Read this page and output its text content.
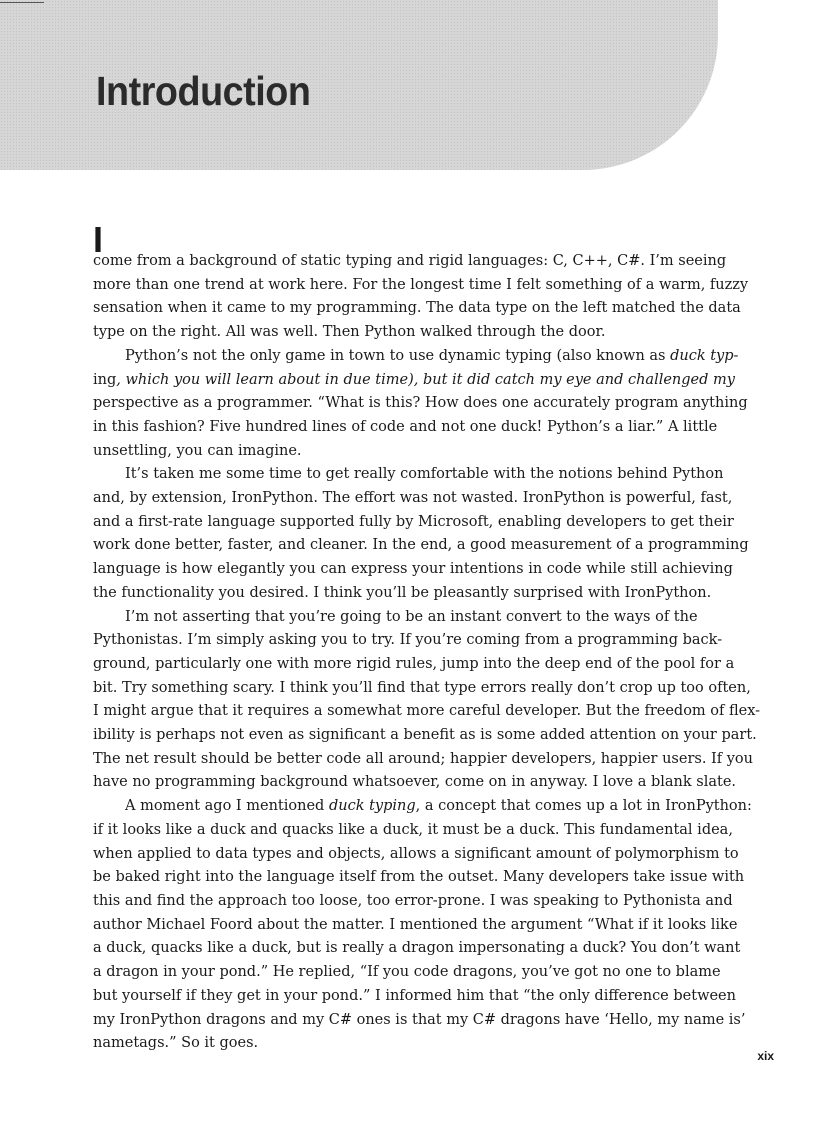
Introduction

I
come from a background of static typing and rigid languages: C, C++, C#. I’m seeing
more than one trend at work here. For the longest time I felt something of a warm, fuzzy
sensation when it came to my programming. The data type on the left matched the data
type on the right. All was well. Then Python walked through the door.

Python’s not the only game in town to use dynamic typing (also known as duck typ-
ing, which you will learn about in due time), but it did catch my eye and challenged my
perspective as a programmer. “What is this? How does one accurately program anything
in this fashion? Five hundred lines of code and not one duck! Python’s a liar.” A little
unsettling, you can imagine.

It’s taken me some time to get really comfortable with the notions behind Python
and, by extension, IronPython. The effort was not wasted. IronPython is powerful, fast,
and a first-rate language supported fully by Microsoft, enabling developers to get their
work done better, faster, and cleaner. In the end, a good measurement of a programming
language is how elegantly you can express your intentions in code while still achieving
the functionality you desired. I think you’ll be pleasantly surprised with IronPython.

I’m not asserting that you’re going to be an instant convert to the ways of the
Pythonistas. I’m simply asking you to try. If you’re coming from a programming back-
ground, particularly one with more rigid rules, jump into the deep end of the pool for a
bit. Try something scary. I think you’ll find that type errors really don’t crop up too often,
I might argue that it requires a somewhat more careful developer. But the freedom of flex-
ibility is perhaps not even as significant a benefit as is some added attention on your part.
The net result should be better code all around; happier developers, happier users. If you
have no programming background whatsoever, come on in anyway. I love a blank slate.

A moment ago I mentioned duck typing, a concept that comes up a lot in IronPython:
if it looks like a duck and quacks like a duck, it must be a duck. This fundamental idea,
when applied to data types and objects, allows a significant amount of polymorphism to
be baked right into the language itself from the outset. Many developers take issue with
this and find the approach too loose, too error-prone. I was speaking to Pythonista and
author Michael Foord about the matter. I mentioned the argument “What if it looks like
a duck, quacks like a duck, but is really a dragon impersonating a duck? You don’t want
a dragon in your pond.” He replied, “If you code dragons, you’ve got no one to blame
but yourself if they get in your pond.” I informed him that “the only difference between
my IronPython dragons and my C# ones is that my C# dragons have ‘Hello, my name is’
nametags.” So it goes.

xix
